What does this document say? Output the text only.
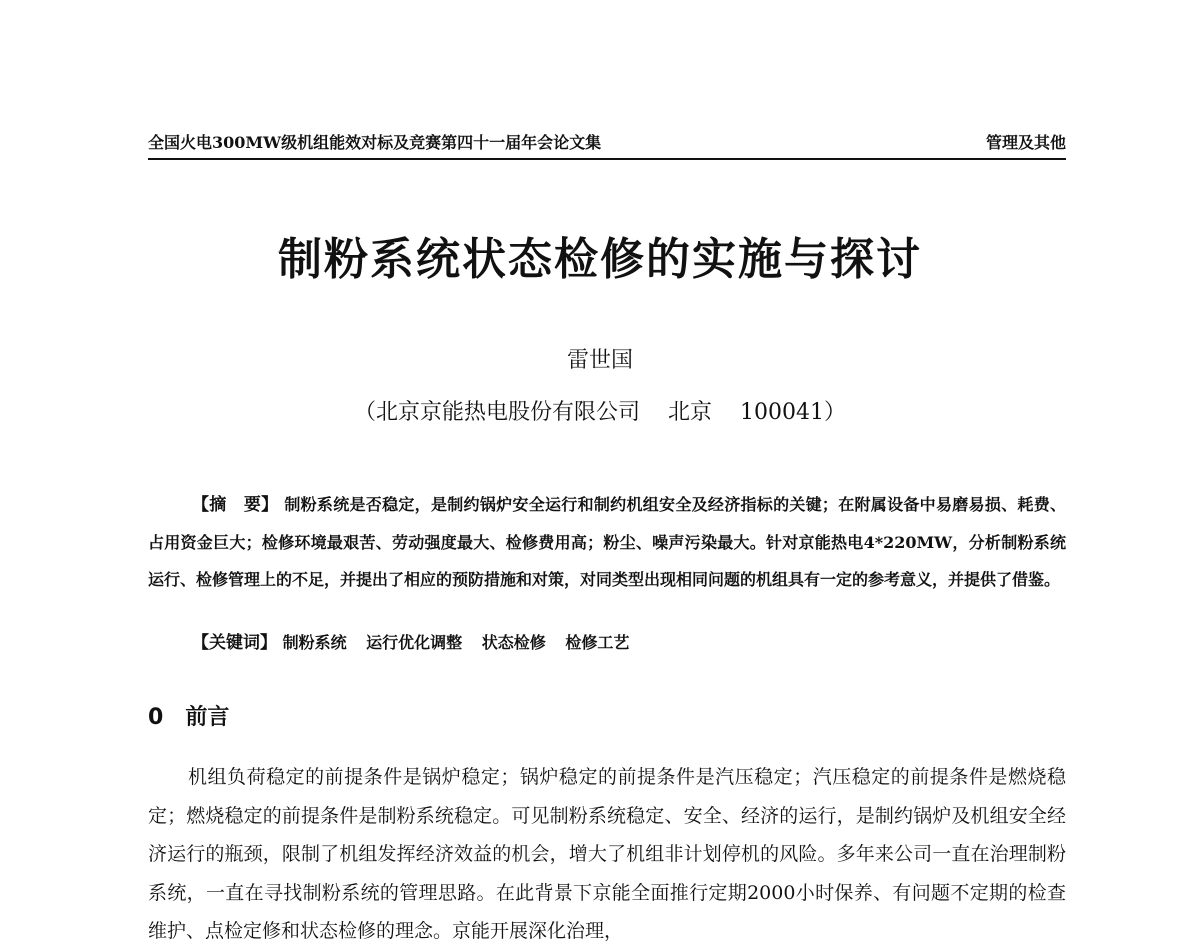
全国火电300MW级机组能效对标及竞赛第四十一届年会论文集	管理及其他
制粉系统状态检修的实施与探讨
雷世国
（北京京能热电股份有限公司 北京 100041）
【摘　要】 制粉系统是否稳定，是制约锅炉安全运行和制约机组安全及经济指标的关键；在附属设备中易磨易损、耗费、占用资金巨大；检修环境最艰苦、劳动强度最大、检修费用高；粉尘、噪声污染最大。针对京能热电4*220MW，分析制粉系统运行、检修管理上的不足，并提出了相应的预防措施和对策，对同类型出现相同问题的机组具有一定的参考意义，并提供了借鉴。
【关键词】 制粉系统 运行优化调整 状态检修 检修工艺
0 前言
机组负荷稳定的前提条件是锅炉稳定；锅炉稳定的前提条件是汽压稳定；汽压稳定的前提条件是燃烧稳定；燃烧稳定的前提条件是制粉系统稳定。可见制粉系统稳定、安全、经济的运行，是制约锅炉及机组安全经济运行的瓶颈，限制了机组发挥经济效益的机会，增大了机组非计划停机的风险。多年来公司一直在治理制粉系统，一直在寻找制粉系统的管理思路。在此背景下京能全面推行定期2000小时保养、有问题不定期的检查维护、点检定修和状态检修的理念。京能开展深化治理，
